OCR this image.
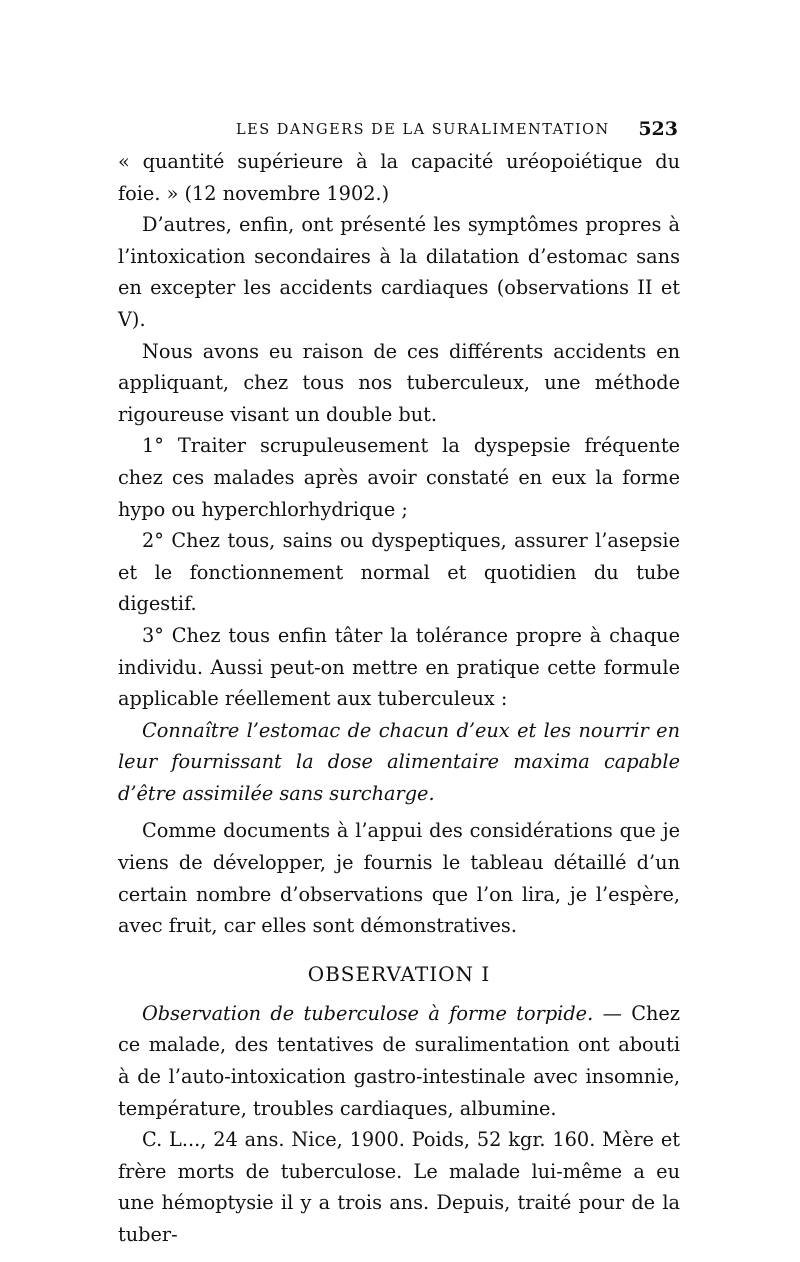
LES DANGERS DE LA SURALIMENTATION 523

« quantité supérieure à la capacité uréopoiétique du foie. » (12 novembre 1902.)

D’autres, enfin, ont présenté les symptômes propres à l’intoxication secondaires à la dilatation d’estomac sans en excepter les accidents cardiaques (observations II et V).

Nous avons eu raison de ces différents accidents en appliquant, chez tous nos tuberculeux, une méthode rigoureuse visant un double but.

1° Traiter scrupuleusement la dyspepsie fréquente chez ces malades après avoir constaté en eux la forme hypo ou hyperchlorhydrique ;

2° Chez tous, sains ou dyspeptiques, assurer l’asepsie et le fonctionnement normal et quotidien du tube digestif.

3° Chez tous enfin tâter la tolérance propre à chaque individu. Aussi peut-on mettre en pratique cette formule applicable réellement aux tuberculeux :

Connaître l’estomac de chacun d’eux et les nourrir en leur fournissant la dose alimentaire maxima capable d’être assimilée sans surcharge.

Comme documents à l’appui des considérations que je viens de développer, je fournis le tableau détaillé d’un certain nombre d’observations que l’on lira, je l’espère, avec fruit, car elles sont démonstratives.

OBSERVATION I

Observation de tuberculose à forme torpide. — Chez ce malade, des tentatives de suralimentation ont abouti à de l’auto-intoxication gastro-intestinale avec insomnie, température, troubles cardiaques, albumine.

C. L..., 24 ans. Nice, 1900. Poids, 52 kgr. 160. Mère et frère morts de tuberculose. Le malade lui-même a eu une hémoptysie il y a trois ans. Depuis, traité pour de la tuber-
